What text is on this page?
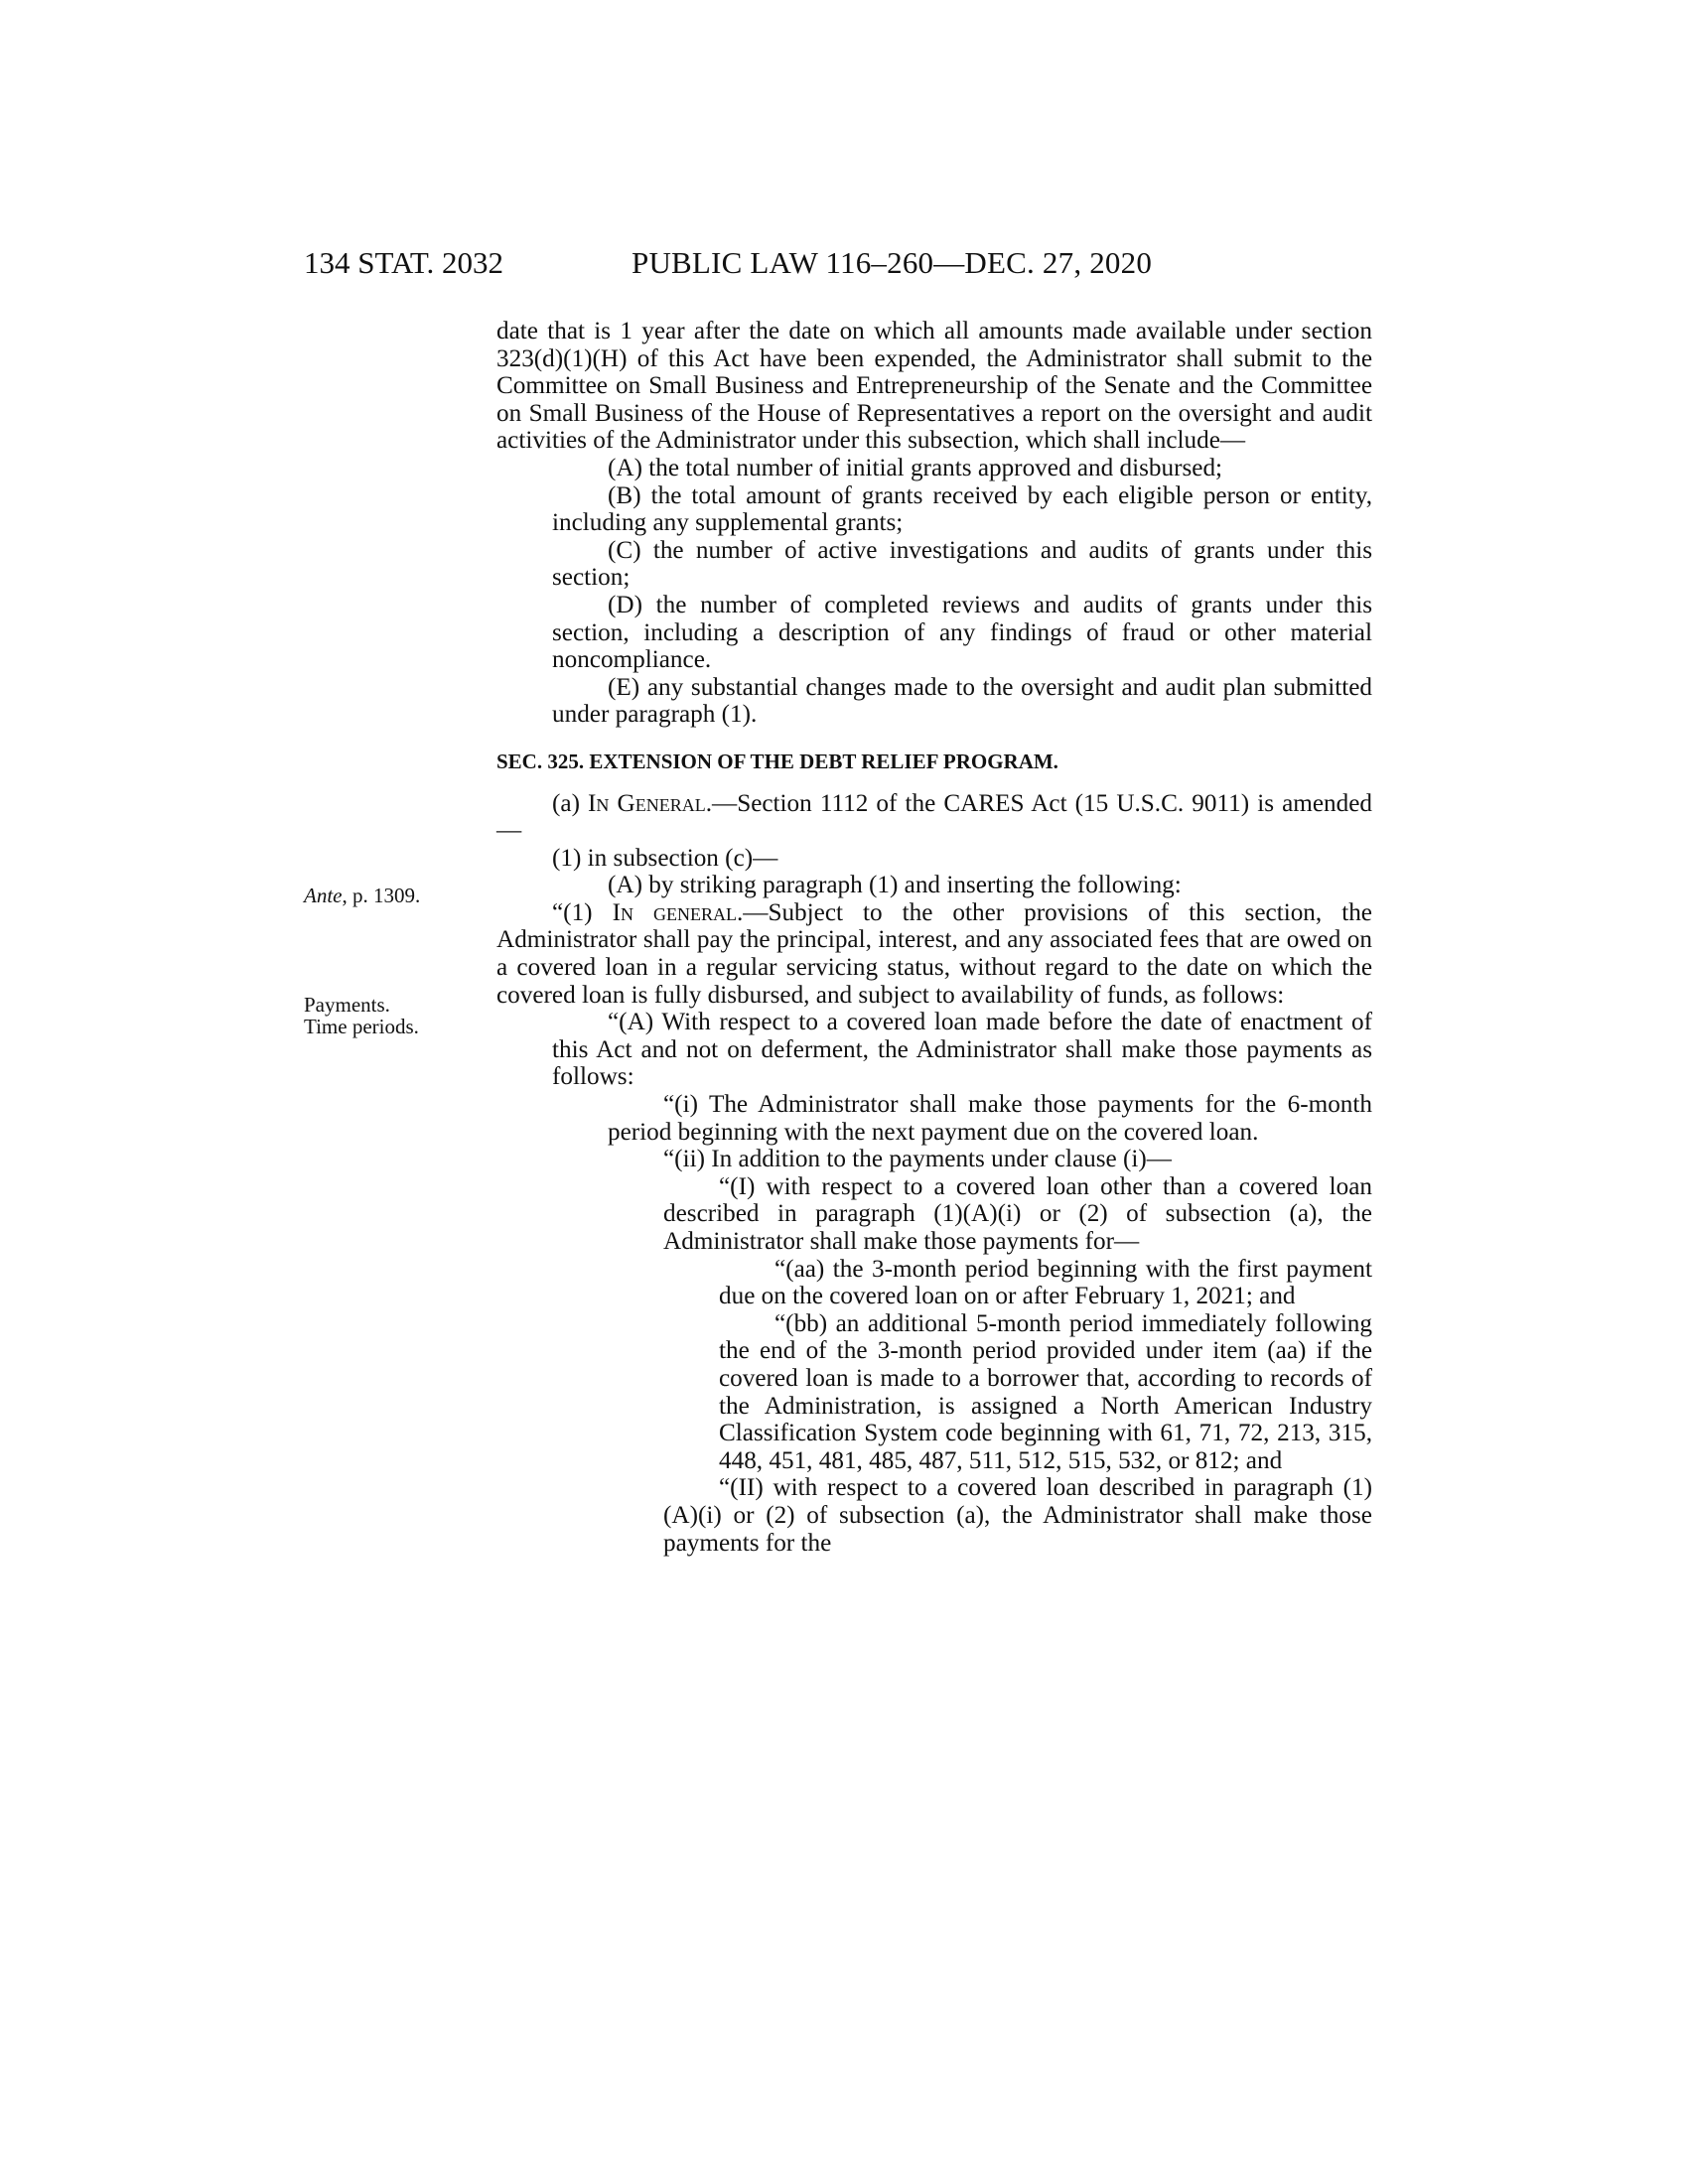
134 STAT. 2032	PUBLIC LAW 116–260—DEC. 27, 2020
Ante, p. 1309.
Payments.
Time periods.

date that is 1 year after the date on which all amounts made available under section 323(d)(1)(H) of this Act have been expended, the Administrator shall submit to the Committee on Small Business and Entrepreneurship of the Senate and the Committee on Small Business of the House of Representatives a report on the oversight and audit activities of the Administrator under this subsection, which shall include—

(A) the total number of initial grants approved and disbursed;

(B) the total amount of grants received by each eligible person or entity, including any supplemental grants;

(C) the number of active investigations and audits of grants under this section;

(D) the number of completed reviews and audits of grants under this section, including a description of any findings of fraud or other material noncompliance.

(E) any substantial changes made to the oversight and audit plan submitted under paragraph (1).

SEC. 325. EXTENSION OF THE DEBT RELIEF PROGRAM.

(a) In General.—Section 1112 of the CARES Act (15 U.S.C. 9011) is amended—

(1) in subsection (c)—

(A) by striking paragraph (1) and inserting the following:

“(1) In general.—Subject to the other provisions of this section, the Administrator shall pay the principal, interest, and any associated fees that are owed on a covered loan in a regular servicing status, without regard to the date on which the covered loan is fully disbursed, and subject to availability of funds, as follows:

“(A) With respect to a covered loan made before the date of enactment of this Act and not on deferment, the Administrator shall make those payments as follows:

“(i) The Administrator shall make those payments for the 6-month period beginning with the next payment due on the covered loan.

“(ii) In addition to the payments under clause (i)—

“(I) with respect to a covered loan other than a covered loan described in paragraph (1)(A)(i) or (2) of subsection (a), the Administrator shall make those payments for—

“(aa) the 3-month period beginning with the first payment due on the covered loan on or after February 1, 2021; and

“(bb) an additional 5-month period immediately following the end of the 3-month period provided under item (aa) if the covered loan is made to a borrower that, according to records of the Administration, is assigned a North American Industry Classification System code beginning with 61, 71, 72, 213, 315, 448, 451, 481, 485, 487, 511, 512, 515, 532, or 812; and

“(II) with respect to a covered loan described in paragraph (1)(A)(i) or (2) of subsection (a), the Administrator shall make those payments for the
